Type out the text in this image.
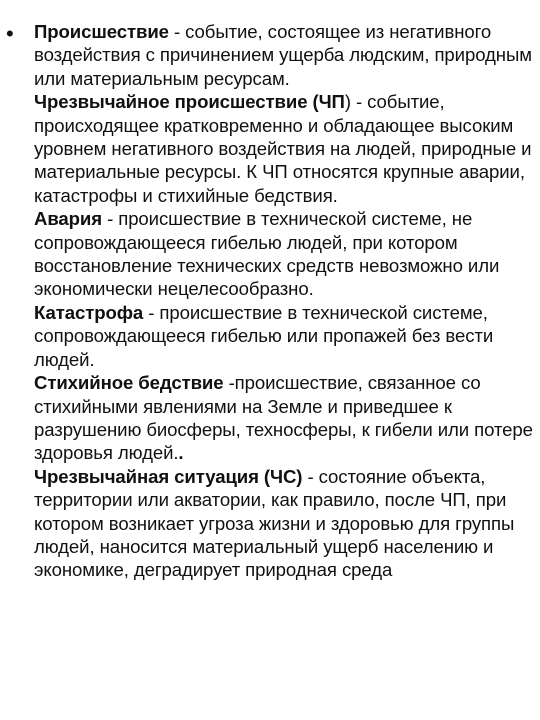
• Происшествие - событие, состоящее из негативного воздействия с причинением ущерба людским, природным или материальным ресурсам.

Чрезвычайное происшествие (ЧП) - событие, происходящее кратковременно и обладающее высоким уровнем негативного воздействия на людей, природные и материальные ресурсы. К ЧП относятся крупные аварии, катастрофы и стихийные бедствия.

Авария - происшествие в технической системе, не сопровождающееся гибелью людей, при котором восстановление технических средств невозможно или экономически нецелесообразно.

Катастрофа - происшествие в технической системе, сопровождающееся гибелью или пропажей без вести людей.

Стихийное бедствие -происшествие, связанное со стихийными явлениями на Земле и приведшее к разрушению биосферы, техносферы, к гибели или потере здоровья людей..

Чрезвычайная ситуация (ЧС) - состояние объекта, территории или акватории, как правило, после ЧП, при котором возникает угроза жизни и здоровью для группы людей, наносится материальный ущерб населению и экономике, деградирует природная среда
